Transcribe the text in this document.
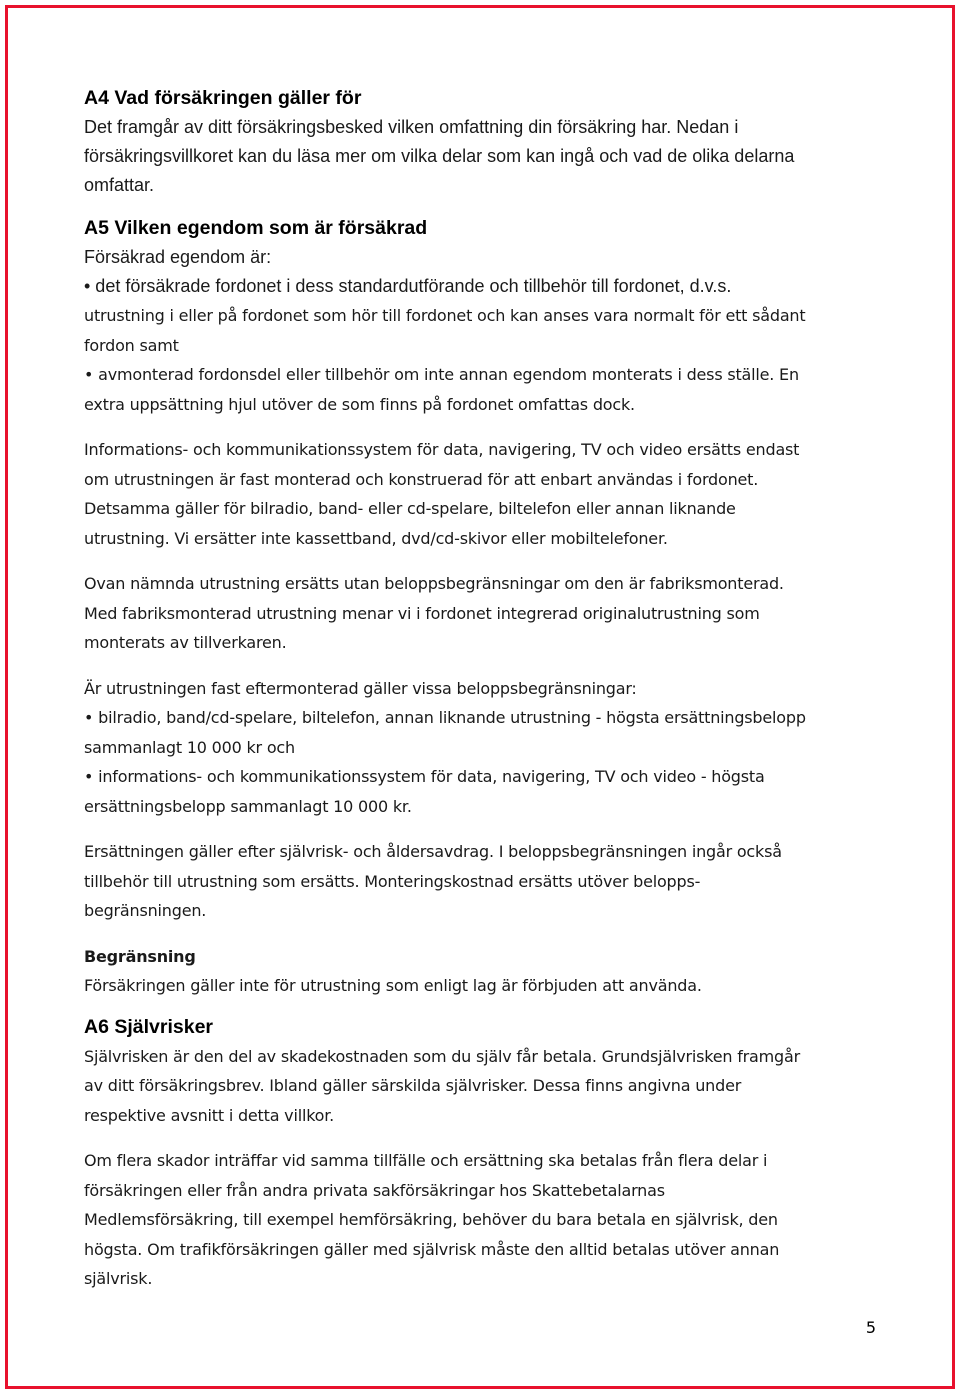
A4 Vad försäkringen gäller för

Det framgår av ditt försäkringsbesked vilken omfattning din försäkring har. Nedan i

försäkringsvillkoret kan du läsa mer om vilka delar som kan ingå och vad de olika delarna

omfattar.

A5 Vilken egendom som är försäkrad

Försäkrad egendom är:

• det försäkrade fordonet i dess standardutförande och tillbehör till fordonet, d.v.s.

utrustning i eller på fordonet som hör till fordonet och kan anses vara normalt för ett sådant

fordon samt

• avmonterad fordonsdel eller tillbehör om inte annan egendom monterats i dess ställe. En

extra uppsättning hjul utöver de som finns på fordonet omfattas dock.

Informations- och kommunikationssystem för data, navigering, TV och video ersätts endast

om utrustningen är fast monterad och konstruerad för att enbart användas i fordonet.

Detsamma gäller för bilradio, band- eller cd-spelare, biltelefon eller annan liknande

utrustning. Vi ersätter inte kassettband, dvd/cd-skivor eller mobiltelefoner.

Ovan nämnda utrustning ersätts utan beloppsbegränsningar om den är fabriksmonterad.

Med fabriksmonterad utrustning menar vi i fordonet integrerad originalutrustning som

monterats av tillverkaren.

Är utrustningen fast eftermonterad gäller vissa beloppsbegränsningar:

• bilradio, band/cd-spelare, biltelefon, annan liknande utrustning - högsta ersättningsbelopp

sammanlagt 10 000 kr och

• informations- och kommunikationssystem för data, navigering, TV och video - högsta

ersättningsbelopp sammanlagt 10 000 kr.

Ersättningen gäller efter självrisk- och åldersavdrag. I beloppsbegränsningen ingår också

tillbehör till utrustning som ersätts. Monteringskostnad ersätts utöver belopps-

begränsningen.

Begränsning

Försäkringen gäller inte för utrustning som enligt lag är förbjuden att använda.

A6 Självrisker

Självrisken är den del av skadekostnaden som du själv får betala. Grundsjälvrisken framgår

av ditt försäkringsbrev. Ibland gäller särskilda självrisker. Dessa finns angivna under

respektive avsnitt i detta villkor.

Om flera skador inträffar vid samma tillfälle och ersättning ska betalas från flera delar i

försäkringen eller från andra privata sakförsäkringar hos Skattebetalarnas

Medlemsförsäkring, till exempel hemförsäkring, behöver du bara betala en självrisk, den

högsta. Om trafikförsäkringen gäller med självrisk måste den alltid betalas utöver annan

självrisk.

5
